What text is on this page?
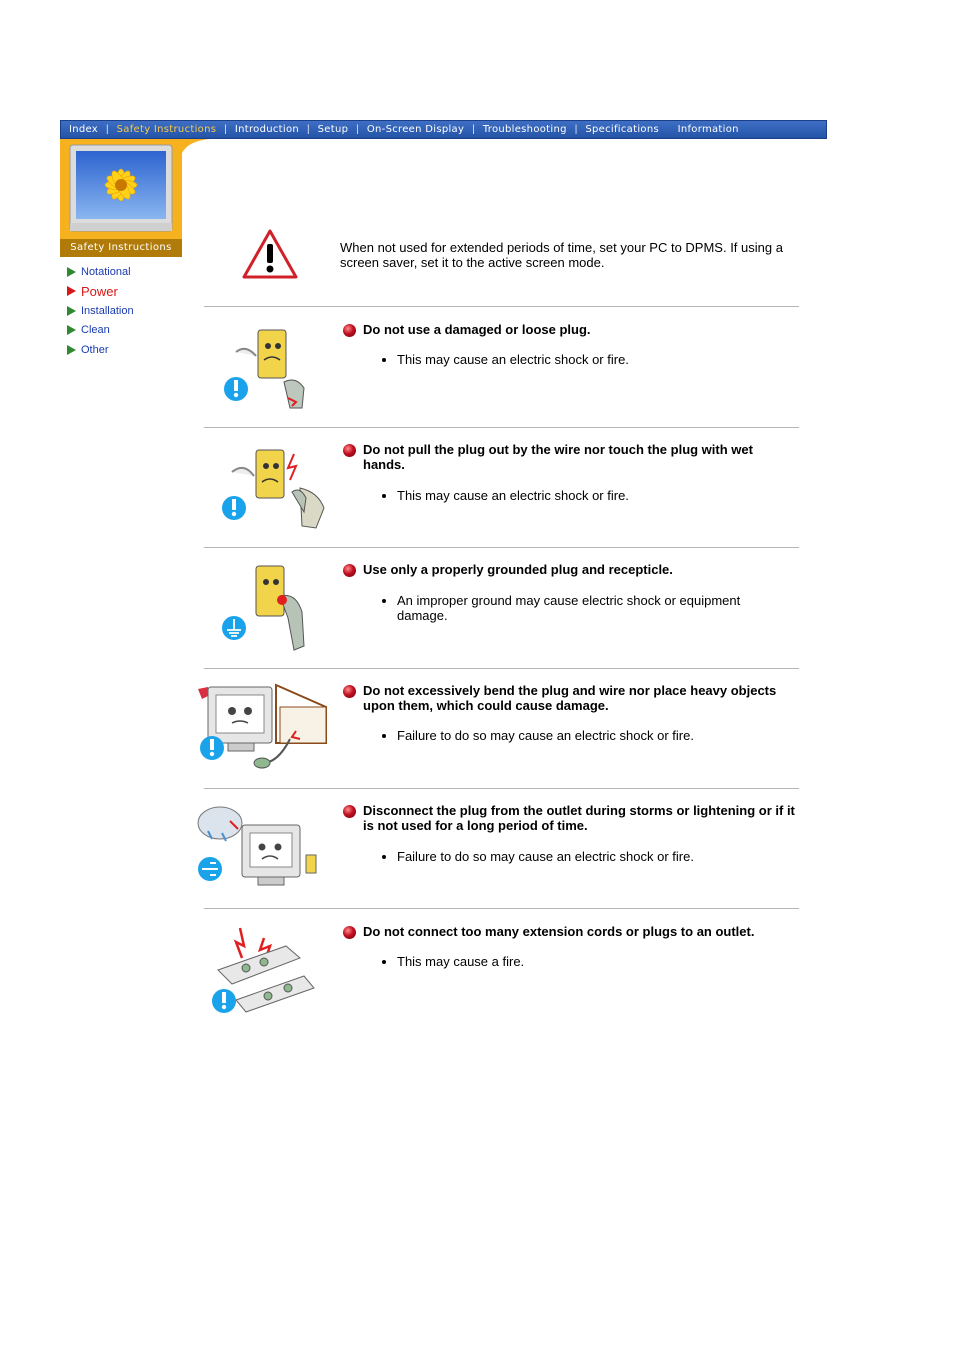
Index | Safety Instructions | Introduction | Setup | On-Screen Display | Troubleshooting | Specifications	Information
Safety Instructions
Notational
Power
Installation
Clean
Other
When not used for extended periods of time, set your PC to DPMS. If using a screen saver, set it to the active screen mode.
Do not use a damaged or loose plug.
• This may cause an electric shock or fire.
Do not pull the plug out by the wire nor touch the plug with wet hands.
• This may cause an electric shock or fire.
Use only a properly grounded plug and recepticle.
• An improper ground may cause electric shock or equipment damage.
Do not excessively bend the plug and wire nor place heavy objects upon them, which could cause damage.
• Failure to do so may cause an electric shock or fire.
Disconnect the plug from the outlet during storms or lightening or if it is not used for a long period of time.
• Failure to do so may cause an electric shock or fire.
Do not connect too many extension cords or plugs to an outlet.
• This may cause a fire.
